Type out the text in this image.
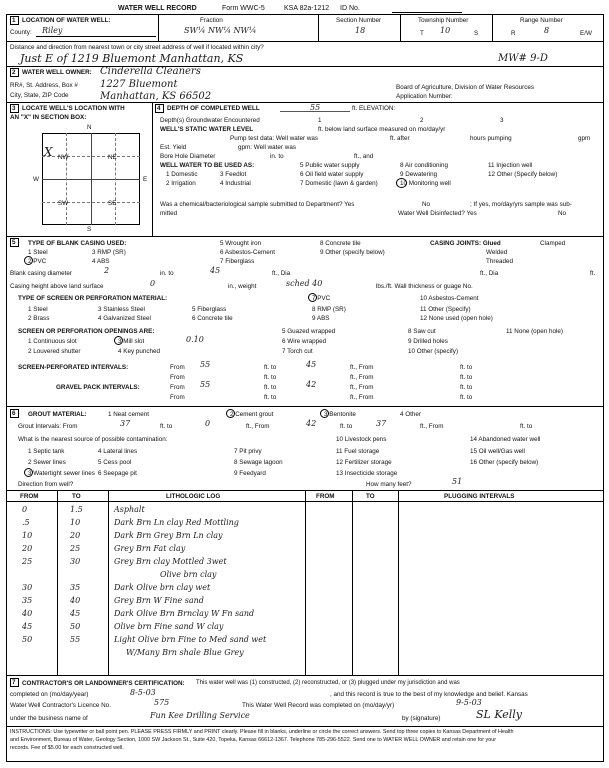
WATER WELL RECORD	Form WWC-5	KSA 82a-1212 ID No.
1 LOCATION OF WATER WELL:
County: Riley
Fraction
SW¼ NW¼ NW¼
Section Number
18
Township Number
T 10	S
Range Number
R	8	E/W
Distance and direction from nearest town or city street address of well if located within city?
Just E of 1219 Bluemont Manhattan, KS	MW# 9-D
2 WATER WELL OWNER: Cinderella Cleaners
RR#, St. Address, Box # 1227 Bluemont
City, State, ZIP Code	Manhattan, KS 66502
Board of Agriculture, Division of Water Resources
Application Number:
3 LOCATE WELL'S LOCATION WITH
AN "X" IN SECTION BOX:
N
S
W	E
NW	NE
SW	SE
X
4 DEPTH OF COMPLETED WELL	55	ft. ELEVATION:
Depth(s) Groundwater Encountered	1	2	3
WELL'S STATIC WATER LEVEL	ft. below land surface measured on mo/day/yr
Pump test data: Well water was	ft. after	hours pumping	gpm
Est. Yield	gpm: Well water was
Bore Hole Diameter	in. to	ft., and
WELL WATER TO BE USED AS:
1 Domestic	3 Feedlot
5 Public water supply	8 Air conditioning	11 Injection well
2 Irrigation	4 Industrial
6 Oil field water supply	9 Dewatering	12 Other (Specify below)
7 Domestic (lawn & garden)	10 Monitoring well
Was a chemical/bacteriological sample submitted to Department? Yes	No	; If yes, mo/day/yrs sample was sub-
mitted	Water Well Disinfected? Yes	No
5 TYPE OF BLANK CASING USED:
1 Steel	3 RMP (SR)
5 Wrought iron	8 Concrete tile
2 PVC	4 ABS
6 Asbestos-Cement
7 Fiberglass
9 Other (specify below)
CASING JOINTS: Glued	Clamped
Welded
Threaded
Blank casing diameter	2	in. to	45	ft., Dia	ft., Dia	ft.
Casing height above land surface	0	in., weight	sched 40	lbs./ft. Wall thickness or guage No.
TYPE OF SCREEN OR PERFORATION MATERIAL:
1 Steel	3 Stainless Steel	5 Fiberglass
7 PVC	10 Asbestos-Cement
2 Brass	4 Galvanized Steel	6 Concrete tile
8 RMP (SR)	11 Other (Specify)
9 ABS	12 None used (open hole)
SCREEN OR PERFORATION OPENINGS ARE:
1 Continuous slot	3 Mill slot	0.10
5 Guazed wrapped	8 Saw cut	11 None (open hole)
2 Louvered shutter	4 Key punched
6 Wire wrapped	9 Drilled holes
7 Torch cut	10 Other (specify)
SCREEN-PERFORATED INTERVALS:	From 55	ft. to	45	ft., From	ft. to
From	ft. to	ft., From	ft. to
GRAVEL PACK INTERVALS:	From 55	ft. to	42	ft., From	ft. to
From	ft. to	ft., From	ft. to
6 GROUT MATERIAL:	1 Neat cement	2 Cement grout	3 Bentonite	4 Other
Grout Intervals: From	37	ft. to	0	ft., From	42	ft. to	37	ft., From	ft. to
What is the nearest source of possible contamination:
1 Septic tank	4 Lateral lines	7 Pit privy
10 Livestock pens	14 Abandoned water well
2 Sewer lines	5 Cess pool	8 Sewage lagoon
11 Fuel storage	15 Oil well/Gas well
3 Watertight sewer lines 6 Seepage pit	9 Feedyard
12 Fertilizer storage	16 Other (specify below)
13 Insecticide storage
Direction from well?	How many feet?	51
FROM	TO	LITHOLOGIC LOG	FROM	TO	PLUGGING INTERVALS
0	1.5	Asphalt
.5	10	Dark Brn Ln clay Red Mottling
10	20	Dark Brn Grey Brn Ln clay
20	25	Grey Brn Fat clay
25	30	Grey Brn clay Mottled 3wet
Olive brn clay
30	35	Dark Olive brn clay wet
35	40	Grey Brn W Fine sand
40	45	Dark Olive Brn Brnclay W Fn sand
45	50	Olive brn Fine sand W clay
50	55	Light Olive brn Fine to Med sand wet
W/Many Brn shale Blue Grey
7 CONTRACTOR'S OR LANDOWNER'S CERTIFICATION: This water well was (1) constructed, (2) reconstructed, or (3) plugged under my jurisdiction and was
completed on (mo/day/year)	8-5-03	, and this record is true to the best of my knowledge and belief. Kansas
Water Well Contractor's Licence No.	575	This Water Well Record was completed on (mo/day/yr)	9-5-03
under the business name of	Fun Kee Drilling Service	by (signature)	SL Kelly
INSTRUCTIONS: Use typewriter or ball point pen. PLEASE PRESS FIRMLY and PRINT clearly. Please fill in blanks, underline or circle the correct answers. Send top three copies to Kansas Department of Health
and Environment, Bureau of Water, Geology Section, 1000 SW Jackson St., Suite 420, Topeka, Kansas 66612-1367. Telephone 785-296-5522. Send one to WATER WELL OWNER and retain one for your
records. Fee of $5.00 for each constructed well.
